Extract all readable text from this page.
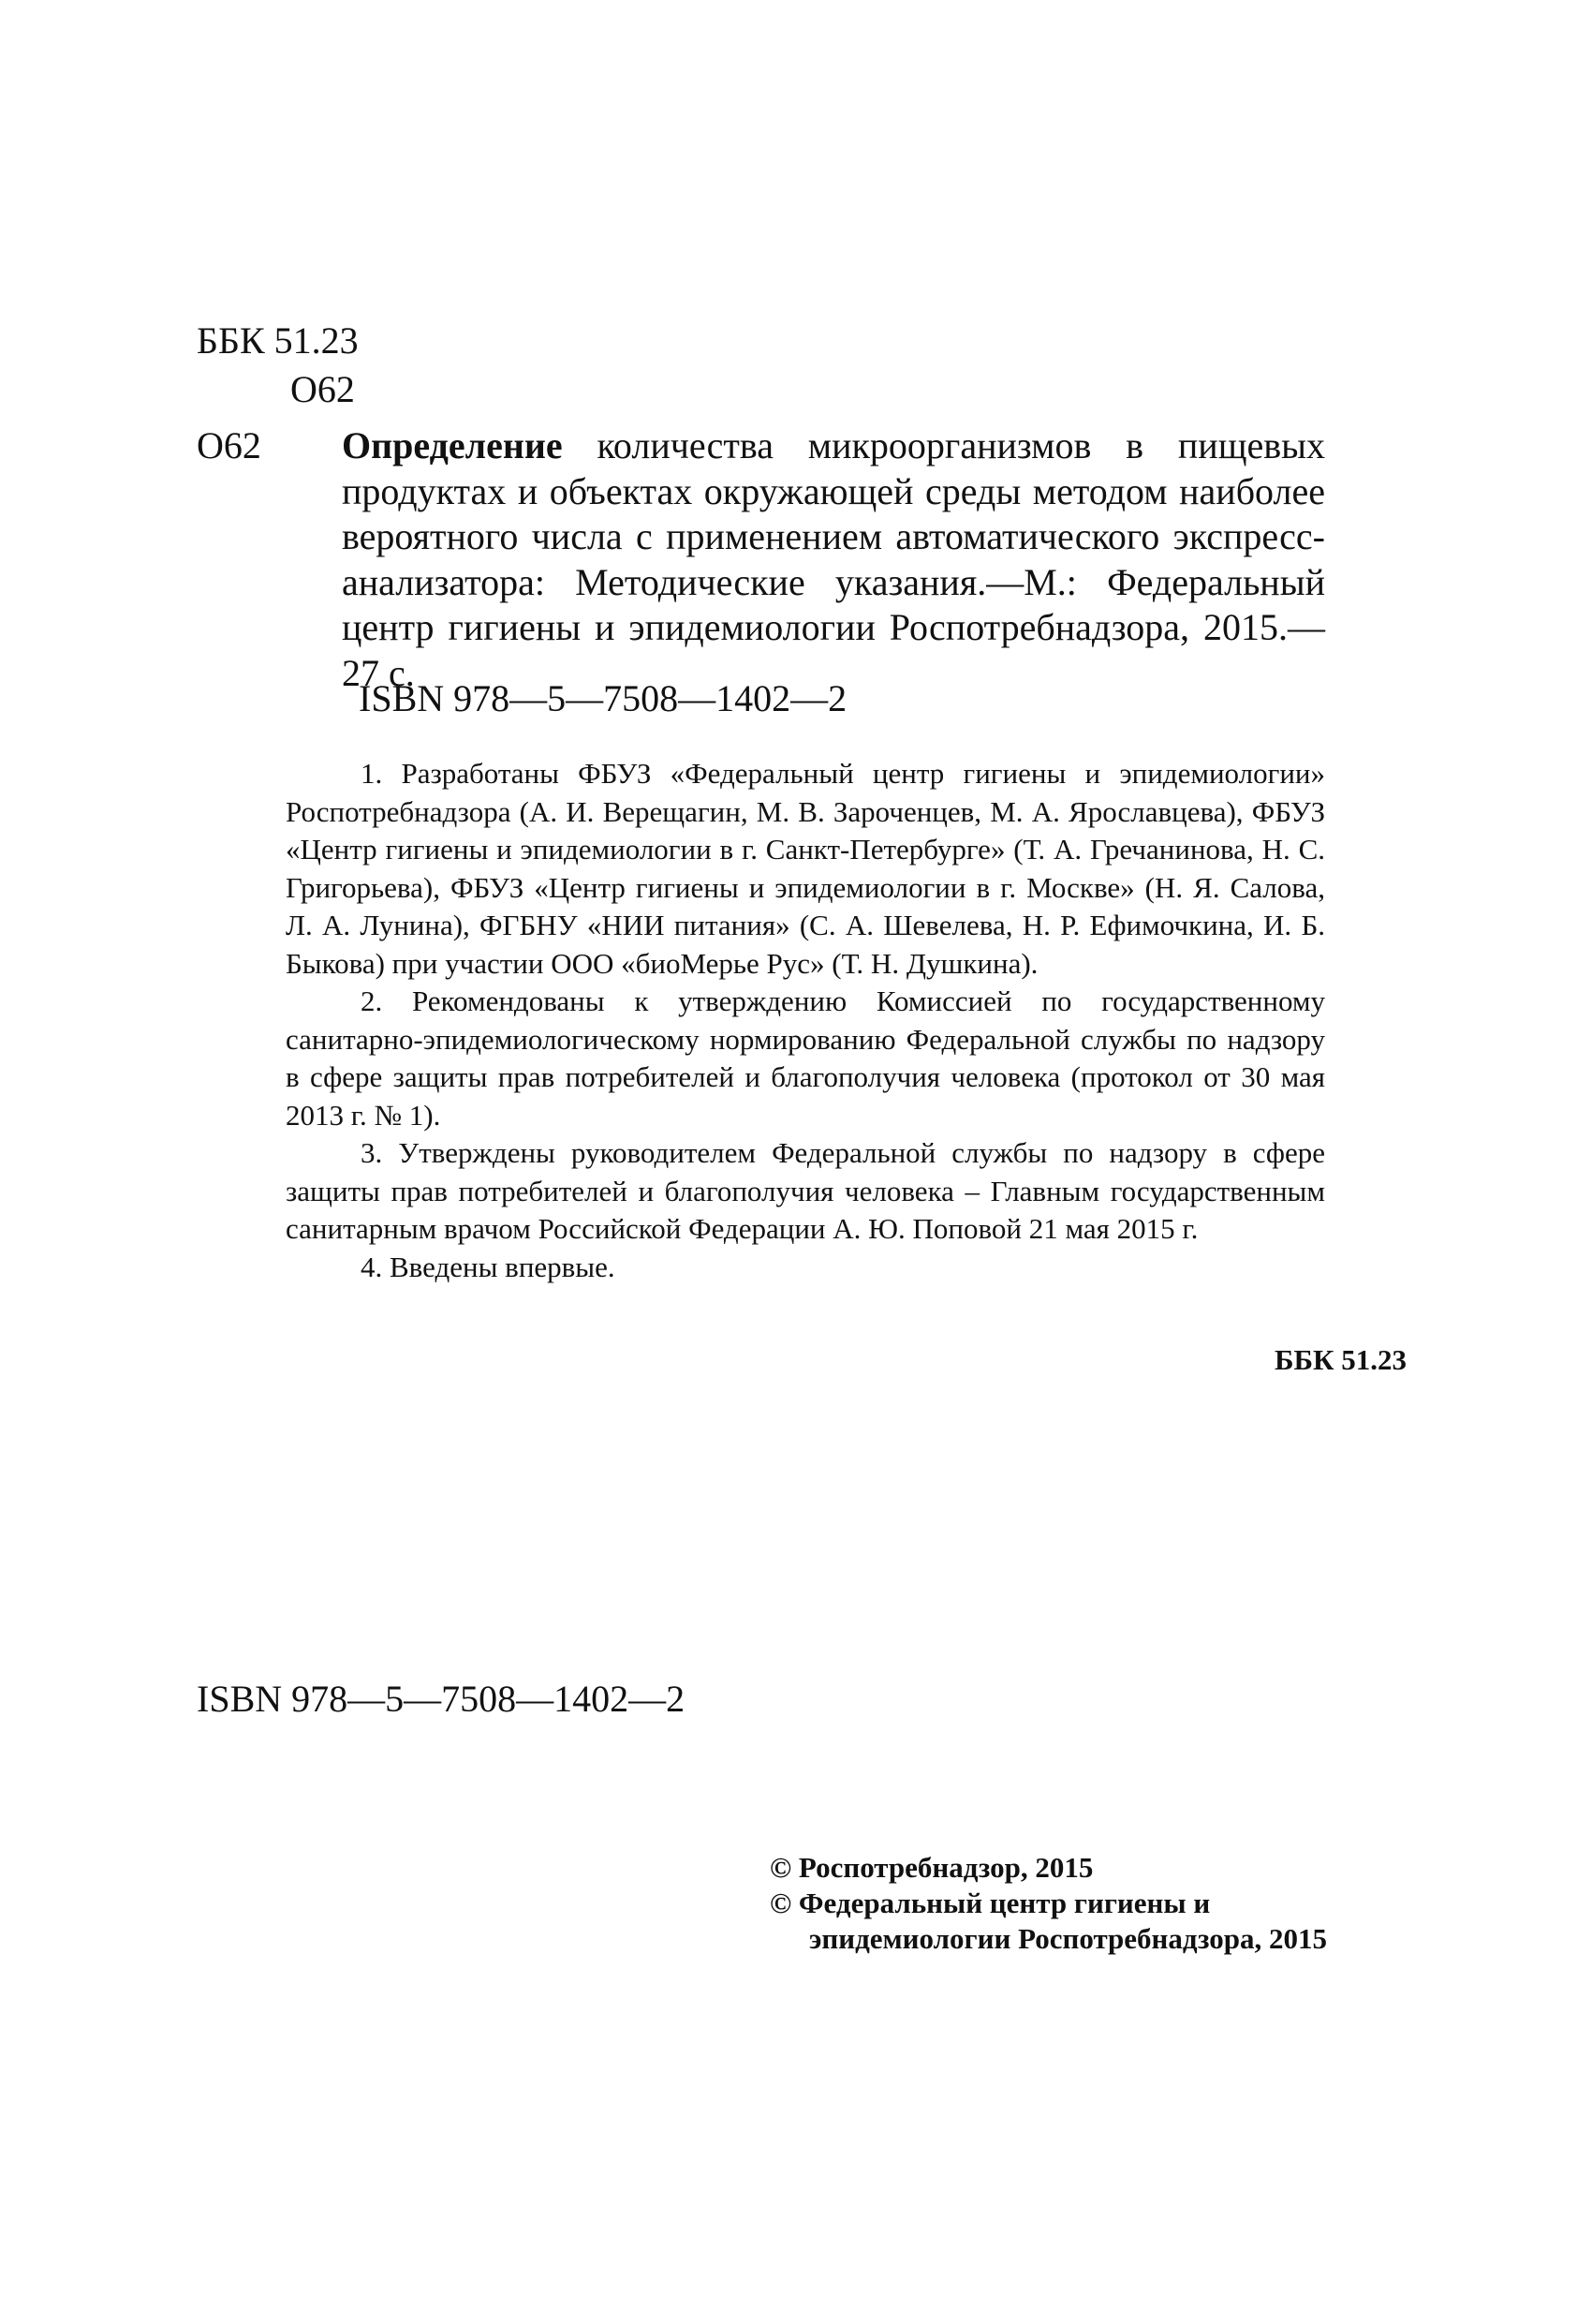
ББК 51.23
О62
О62 Определение количества микроорганизмов в пищевых продуктах и объектах окружающей среды методом наиболее вероятного числа с применением автоматического экспресс-анализатора: Методические указания.—М.: Федеральный центр гигиены и эпидемиологии Роспотребнадзора, 2015.—27 с.
ISBN 978—5—7508—1402—2

1. Разработаны ФБУЗ «Федеральный центр гигиены и эпидемиологии» Роспотребнадзора (А. И. Верещагин, М. В. Зароченцев, М. А. Ярославцева), ФБУЗ «Центр гигиены и эпидемиологии в г. Санкт-Петербурге» (Т. А. Гречанинова, Н. С. Григорьева), ФБУЗ «Центр гигиены и эпидемиологии в г. Москве» (Н. Я. Салова, Л. А. Лунина), ФГБНУ «НИИ питания» (С. А. Шевелева, Н. Р. Ефимочкина, И. Б. Быкова) при участии ООО «биоМерье Рус» (Т. Н. Душкина).

2. Рекомендованы к утверждению Комиссией по государственному санитарно-эпидемиологическому нормированию Федеральной службы по надзору в сфере защиты прав потребителей и благополучия человека (протокол от 30 мая 2013 г. № 1).

3. Утверждены руководителем Федеральной службы по надзору в сфере защиты прав потребителей и благополучия человека – Главным государственным санитарным врачом Российской Федерации А. Ю. Поповой 21 мая 2015 г.

4. Введены впервые.

ББК 51.23
ISBN 978—5—7508—1402—2
© Роспотребнадзор, 2015
© Федеральный центр гигиены и
эпидемиологии Роспотребнадзора, 2015
